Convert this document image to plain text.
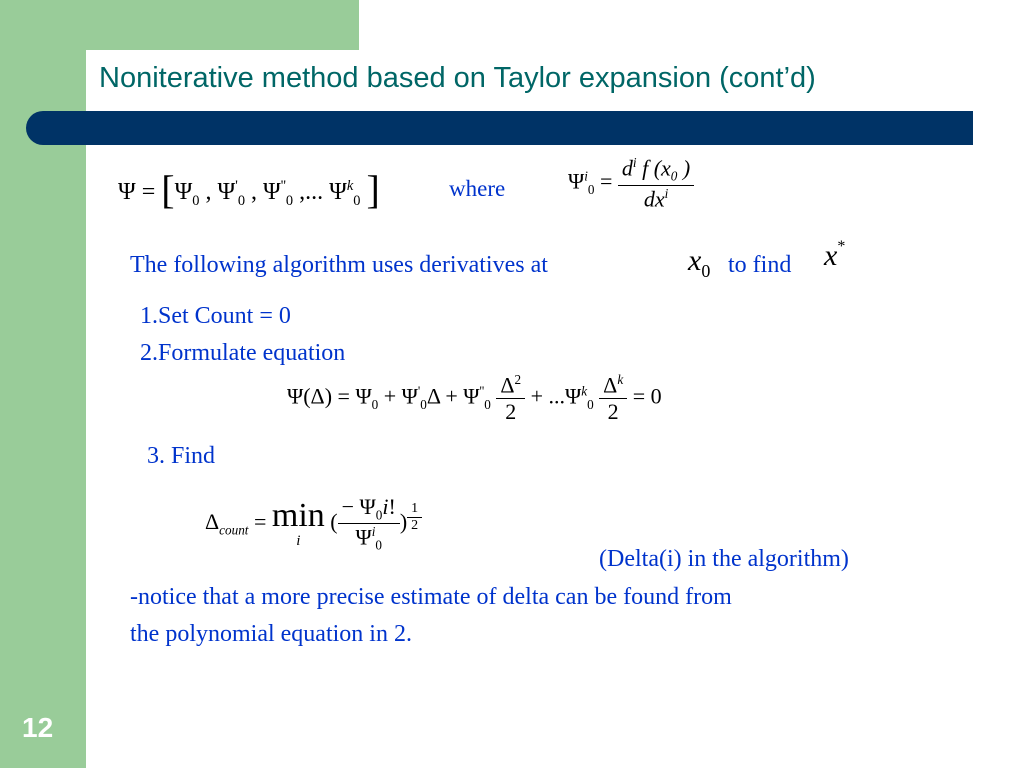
Noniterative method based on Taylor expansion (cont’d)
$\Psi = [\Psi_0$ , $\Psi'_0$ , $\Psi''_0$ ,... $\Psi^k_0$ ]	where	$\Psi^i_0 = \frac{d^i f (x_0 )}{dx^i}$
The following algorithm uses derivatives at	$x_0$ to find x*
1.Set Count = 0
2.Formulate equation
$\Psi(\Delta) = \Psi_0 + \Psi'_0\Delta + \Psi''_0 \frac{\Delta^2}{2} + ...\Psi^k_0 \frac{\Delta^k}{2} = 0$
3. Find
$\Delta_{count} = \min$
i
( $\frac{- \Psi_0i!}{\Psi^i_0}$ ) $^{\frac{1}{2}}$
(Delta(i) in the algorithm)
-notice that a more precise estimate of delta can be found from
the polynomial equation in 2.
12
